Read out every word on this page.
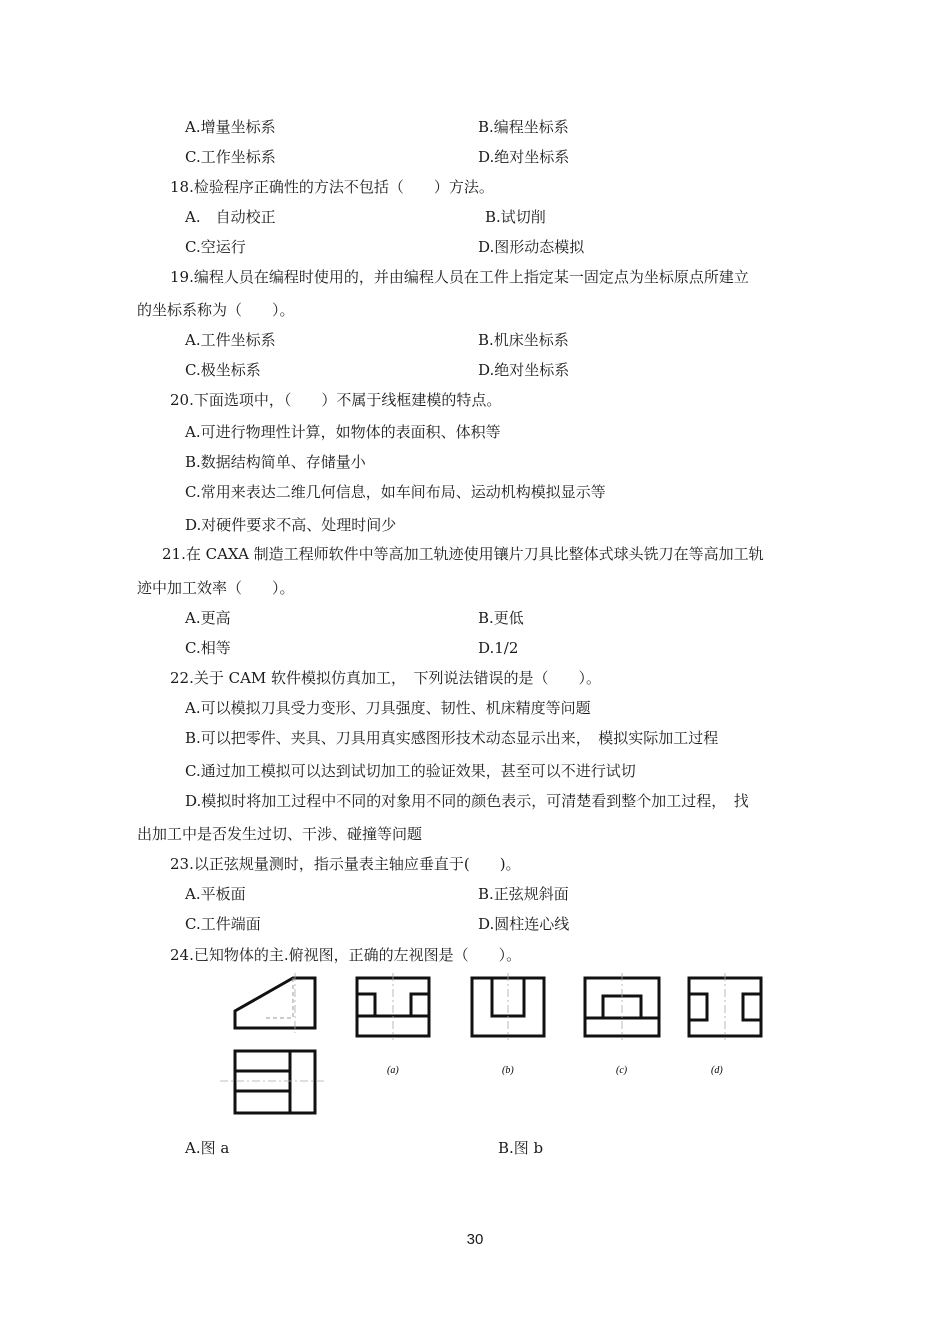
A.增量坐标系	B.编程坐标系
C.工作坐标系	D.绝对坐标系
18.检验程序正确性的方法不包括（　　）方法。
A.　自动校正	B.试切削
C.空运行	D.图形动态模拟
19.编程人员在编程时使用的，并由编程人员在工件上指定某一固定点为坐标原点所建立
的坐标系称为（　　）。
A.工件坐标系	B.机床坐标系
C.极坐标系	D.绝对坐标系
20.下面选项中，（　　）不属于线框建模的特点。
A.可进行物理性计算，如物体的表面积、体积等
B.数据结构简单、存储量小
C.常用来表达二维几何信息，如车间布局、运动机构模拟显示等
D.对硬件要求不高、处理时间少
21.在 CAXA 制造工程师软件中等高加工轨迹使用镶片刀具比整体式球头铣刀在等高加工轨
迹中加工效率（　　）。
A.更高	B.更低
C.相等	D.1/2
22.关于 CAM 软件模拟仿真加工，　下列说法错误的是（　　）。
A.可以模拟刀具受力变形、刀具强度、韧性、机床精度等问题
B.可以把零件、夹具、刀具用真实感图形技术动态显示出来，　模拟实际加工过程
C.通过加工模拟可以达到试切加工的验证效果，甚至可以不进行试切
D.模拟时将加工过程中不同的对象用不同的颜色表示，可清楚看到整个加工过程，　找
出加工中是否发生过切、干涉、碰撞等问题
23.以正弦规量测时，指示量表主轴应垂直于(　　)。
A.平板面	B.正弦规斜面
C.工件端面	D.圆柱连心线
24.已知物体的主.俯视图，正确的左视图是（　　）。
(a)	(b)	(c)	(d)
A.图 a	B.图 b
30
